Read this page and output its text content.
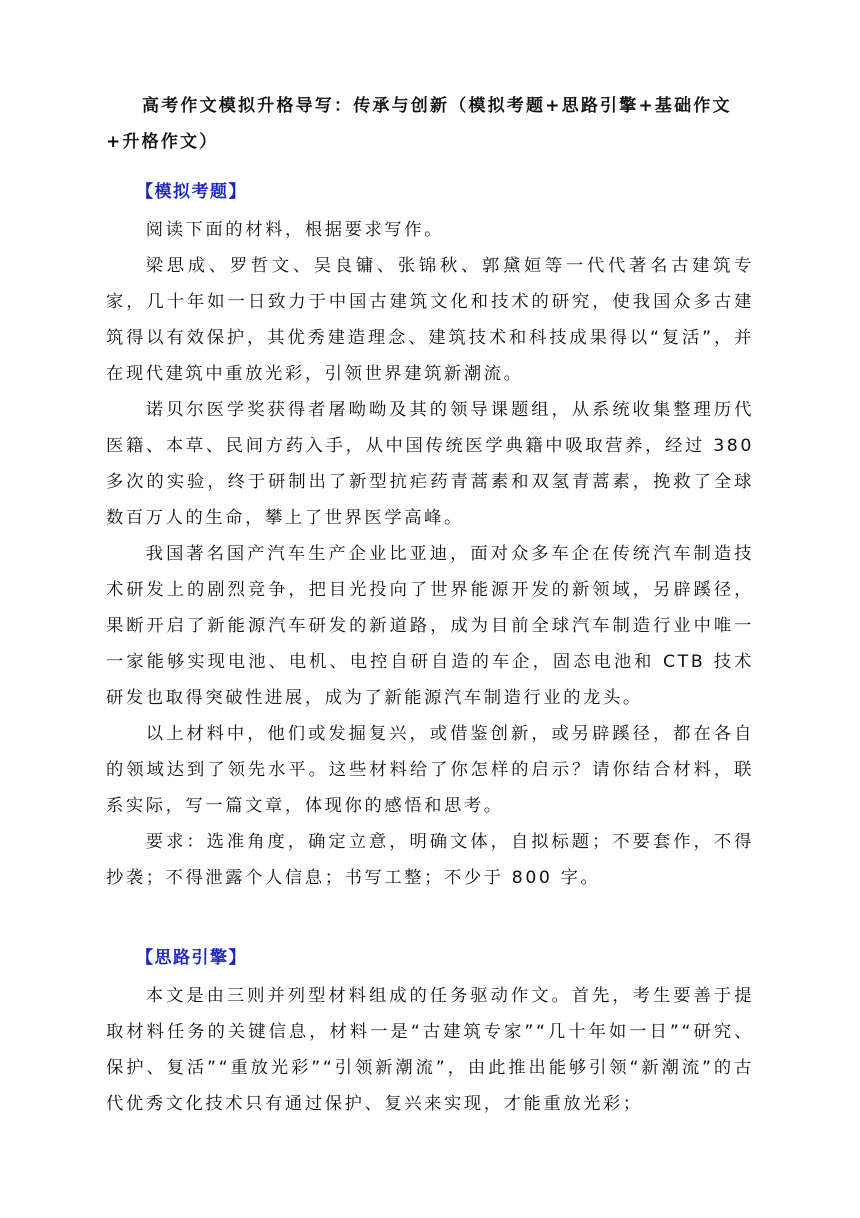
高考作文模拟升格导写：传承与创新（模拟考题+思路引擎+基础作文+升格作文）
【模拟考题】

阅读下面的材料，根据要求写作。

梁思成、罗哲文、吴良镛、张锦秋、郭黛姮等一代代著名古建筑专家，几十年如一日致力于中国古建筑文化和技术的研究，使我国众多古建筑得以有效保护，其优秀建造理念、建筑技术和科技成果得以“复活”，并在现代建筑中重放光彩，引领世界建筑新潮流。

诺贝尔医学奖获得者屠呦呦及其的领导课题组，从系统收集整理历代医籍、本草、民间方药入手，从中国传统医学典籍中吸取营养，经过 380 多次的实验，终于研制出了新型抗疟药青蒿素和双氢青蒿素，挽救了全球数百万人的生命，攀上了世界医学高峰。

我国著名国产汽车生产企业比亚迪，面对众多车企在传统汽车制造技术研发上的剧烈竞争，把目光投向了世界能源开发的新领域，另辟蹊径，果断开启了新能源汽车研发的新道路，成为目前全球汽车制造行业中唯一一家能够实现电池、电机、电控自研自造的车企，固态电池和 CTB 技术研发也取得突破性进展，成为了新能源汽车制造行业的龙头。

以上材料中，他们或发掘复兴，或借鉴创新，或另辟蹊径，都在各自的领域达到了领先水平。这些材料给了你怎样的启示？请你结合材料，联系实际，写一篇文章，体现你的感悟和思考。

要求：选准角度，确定立意，明确文体，自拟标题；不要套作，不得抄袭；不得泄露个人信息；书写工整；不少于 800 字。

【思路引擎】

本文是由三则并列型材料组成的任务驱动作文。首先，考生要善于提取材料任务的关键信息，材料一是“古建筑专家”“几十年如一日”“研究、保护、复活”“重放光彩”“引领新潮流”，由此推出能够引领“新潮流”的古代优秀文化技术只有通过保护、复兴来实现，才能重放光彩；
